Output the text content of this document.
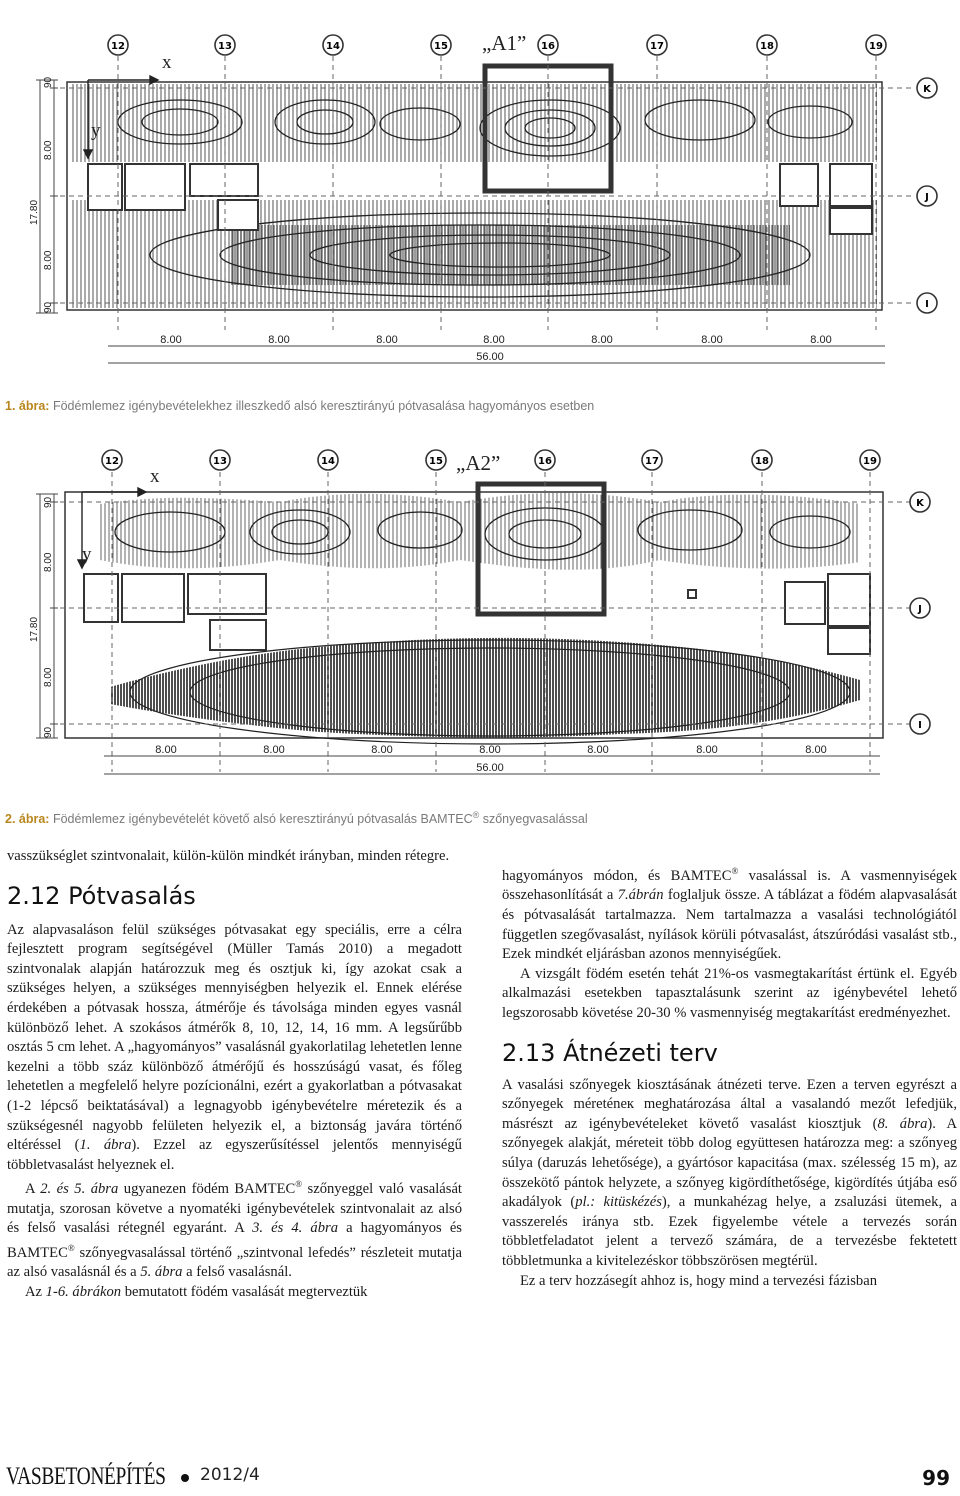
„A1”
12	13	14	15	16	17	18	19
K
J
I
x
y
90
8.00
17.80
8.00
90
8.00	8.00	8.00	8.00	8.00	8.00	8.00
56.00
1. ábra: Födémlemez igénybevételekhez illeszkedő alsó keresztirányú pótvasalása hagyományos esetben
„A2”
12	13	14	15	16	17	18	19
K
J
I
x
y
90
8.00
17.80
8.00
90
8.00	8.00	8.00	8.00	8.00	8.00	8.00
56.00
2. ábra: Födémlemez igénybevételét követő alsó keresztirányú pótvasalás BAMTEC® szőnyegvasalással

vasszükséglet szintvonalait, külön-külön mindkét irányban, minden rétegre.

2.12 Pótvasalás

Az alapvasaláson felül szükséges pótvasakat egy speciális, erre a célra fejlesztett program segítségével (Müller Tamás 2010) a megadott szintvonalak alapján határozzuk meg és osztjuk ki, így azokat csak a szükséges helyen, a szükséges mennyiségben helyezik el. Ennek elérése érdekében a pótvasak hossza, átmérője és távolsága minden egyes vasnál különböző lehet. A szokásos átmérők 8, 10, 12, 14, 16 mm. A legsűrűbb osztás 5 cm lehet. A „hagyományos” vasalásnál gyakorlatilag lehetetlen lenne kezelni a több száz különböző átmérőjű és hosszúságú vasat, és főleg lehetetlen a megfelelő helyre pozícionálni, ezért a gyakorlatban a pótvasakat (1-2 lépcső beiktatásával) a legnagyobb igénybevételre méretezik és a szükségesnél nagyobb felületen helyezik el, a biztonság javára történő eltéréssel (1. ábra). Ezzel az egyszerűsítéssel jelentős mennyiségű többletvasalást helyeznek el.

A 2. és 5. ábra ugyanezen födém BAMTEC® szőnyeggel való vasalását mutatja, szorosan követve a nyomatéki igénybevételek szintvonalait az alsó és felső vasalási rétegnél egyaránt. A 3. és 4. ábra a hagyományos és BAMTEC® szőnyegvasalással történő „szintvonal lefedés” részleteit mutatja az alsó vasalásnál és a 5. ábra a felső vasalásnál.

Az 1-6. ábrákon bemutatott födém vasalását megterveztük

hagyományos módon, és BAMTEC® vasalással is. A vasmennyiségek összehasonlítását a 7.ábrán foglaljuk össze. A táblázat a födém alapvasalását és pótvasalását tartalmazza. Nem tartalmazza a vasalási technológiától független szegővasalást, nyílások körüli pótvasalást, átszúródási vasalást stb., Ezek mindkét eljárásban azonos mennyiségűek.

A vizsgált födém esetén tehát 21%-os vasmegtakarítást értünk el. Egyéb alkalmazási esetekben tapasztalásunk szerint az igénybevétel lehető legszorosabb követése 20-30 % vasmennyiség megtakarítást eredményezhet.

2.13 Átnézeti terv

A vasalási szőnyegek kiosztásának átnézeti terve. Ezen a terven egyrészt a szőnyegek méreténeк meghatározása által a vasalandó mezőt lefedjük, másrészt az igénybevételeket követő vasalást kiosztjuk (8. ábra). A szőnyegek alakját, méreteit több dolog együttesen határozza meg: a szőnyeg súlya (daruzás lehetősége), a gyártósor kapacitása (max. szélesség 15 m), az összekötő pántok helyzete, a szőnyeg kigördíthetősége, kigördítés útjába eső akadályok (pl.: kitüskézés), a munkahézag helye, a zsaluzási ütemek, a vasszerelés iránya stb. Ezek figyelembe vétele a tervezés során többletfeladatot jelent a tervező számára, de a tervezésbe fektetett többletmunka a kivitelezéskor többszörösen megtérül.

Ez a terv hozzásegít ahhoz is, hogy mind a tervezési fázisban

VASBETONÉPÍTÉS 2012/4	99
